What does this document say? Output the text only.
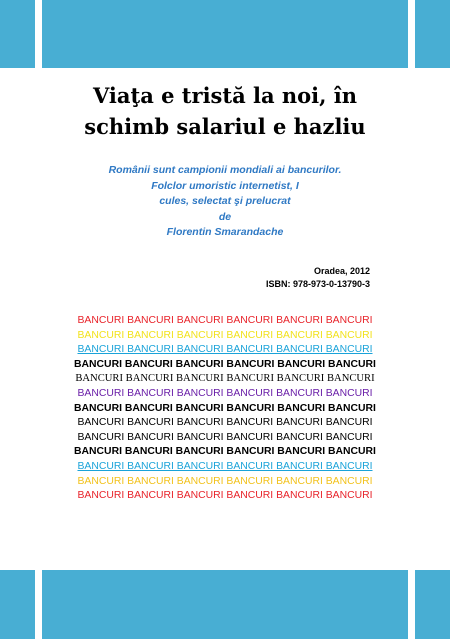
Viaţa e tristă la noi, în
schimb salariul e hazliu
Românii sunt campionii mondiali ai bancurilor.
Folclor umoristic internetist, I
cules, selectat şi prelucrat
de
Florentin Smarandache
Oradea, 2012
ISBN: 978-973-0-13790-3
BANCURI BANCURI BANCURI BANCURI BANCURI BANCURI
BANCURI BANCURI BANCURI BANCURI BANCURI BANCURI
BANCURI BANCURI BANCURI BANCURI BANCURI BANCURI
BANCURI BANCURI BANCURI BANCURI BANCURI BANCURI
BANCURI BANCURI BANCURI BANCURI BANCURI BANCURI
BANCURI BANCURI BANCURI BANCURI BANCURI BANCURI
BANCURI BANCURI BANCURI BANCURI BANCURI BANCURI
BANCURI BANCURI BANCURI BANCURI BANCURI BANCURI
BANCURI BANCURI BANCURI BANCURI BANCURI BANCURI
BANCURI BANCURI BANCURI BANCURI BANCURI BANCURI
BANCURI BANCURI BANCURI BANCURI BANCURI BANCURI
BANCURI BANCURI BANCURI BANCURI BANCURI BANCURI
BANCURI BANCURI BANCURI BANCURI BANCURI BANCURI
